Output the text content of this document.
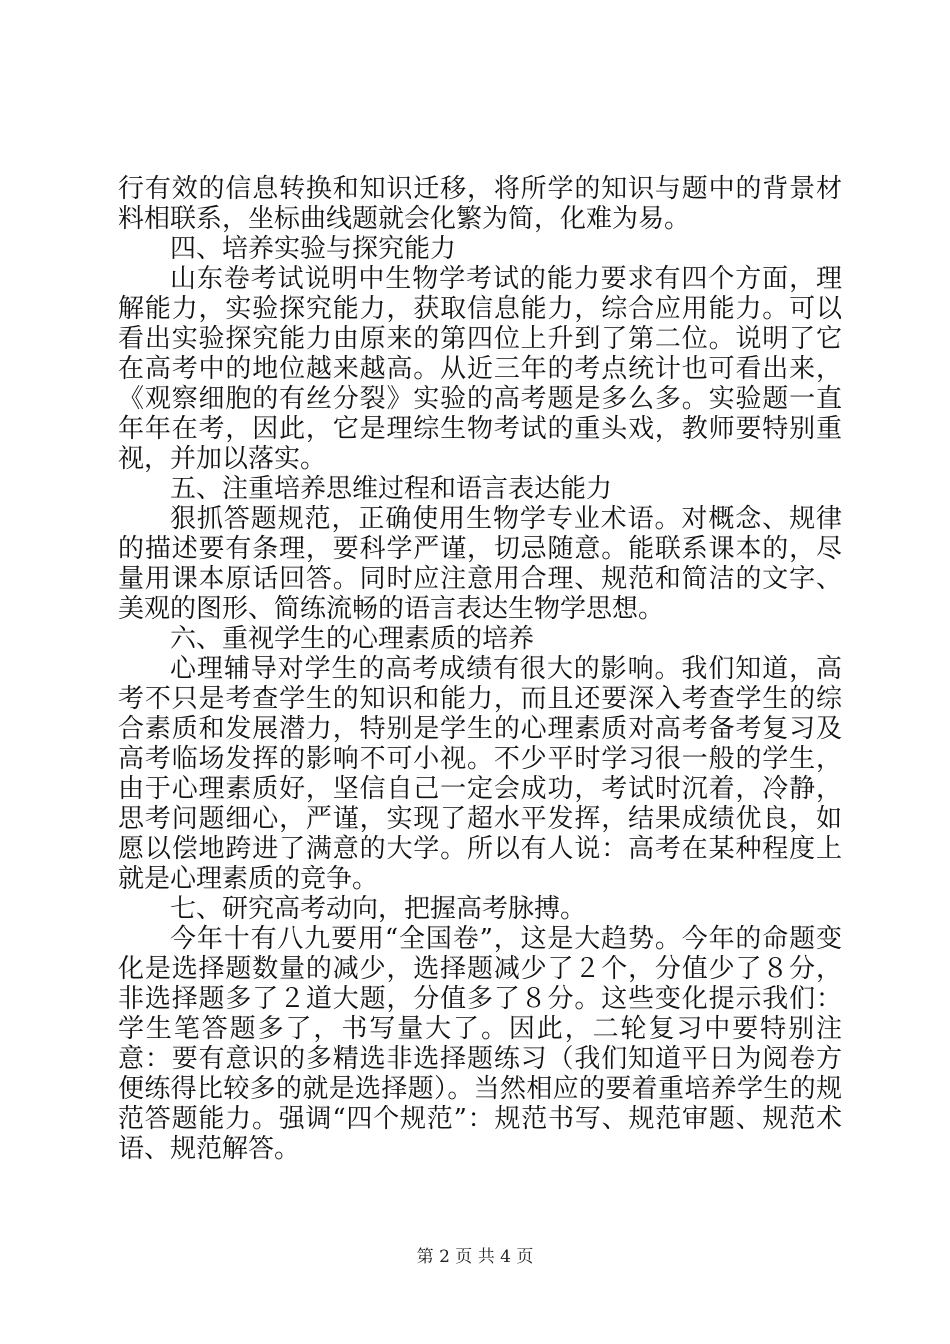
行有效的信息转换和知识迁移，将所学的知识与题中的背景材料相联系，坐标曲线题就会化繁为简，化难为易。

四、培养实验与探究能力

山东卷考试说明中生物学考试的能力要求有四个方面，理解能力，实验探究能力，获取信息能力，综合应用能力。可以看出实验探究能力由原来的第四位上升到了第二位。说明了它在高考中的地位越来越高。从近三年的考点统计也可看出来，《观察细胞的有丝分裂》实验的高考题是多么多。实验题一直年年在考，因此，它是理综生物考试的重头戏，教师要特别重视，并加以落实。

五、注重培养思维过程和语言表达能力

狠抓答题规范，正确使用生物学专业术语。对概念、规律的描述要有条理，要科学严谨，切忌随意。能联系课本的，尽量用课本原话回答。同时应注意用合理、规范和简洁的文字、美观的图形、简练流畅的语言表达生物学思想。

六、重视学生的心理素质的培养

心理辅导对学生的高考成绩有很大的影响。我们知道，高考不只是考查学生的知识和能力，而且还要深入考查学生的综合素质和发展潜力，特别是学生的心理素质对高考备考复习及高考临场发挥的影响不可小视。不少平时学习很一般的学生，由于心理素质好，坚信自己一定会成功，考试时沉着，冷静，思考问题细心，严谨，实现了超水平发挥，结果成绩优良，如愿以偿地跨进了满意的大学。所以有人说：高考在某种程度上就是心理素质的竞争。

七、研究高考动向，把握高考脉搏。

今年十有八九要用“全国卷”，这是大趋势。今年的命题变化是选择题数量的减少，选择题减少了２个，分值少了８分，非选择题多了２道大题，分值多了８分。这些变化提示我们：学生笔答题多了，书写量大了。因此，二轮复习中要特别注意：要有意识的多精选非选择题练习（我们知道平日为阅卷方便练得比较多的就是选择题）。当然相应的要着重培养学生的规范答题能力。强调“四个规范”：规范书写、规范审题、规范术语、规范解答。

第 2 页 共 4 页
